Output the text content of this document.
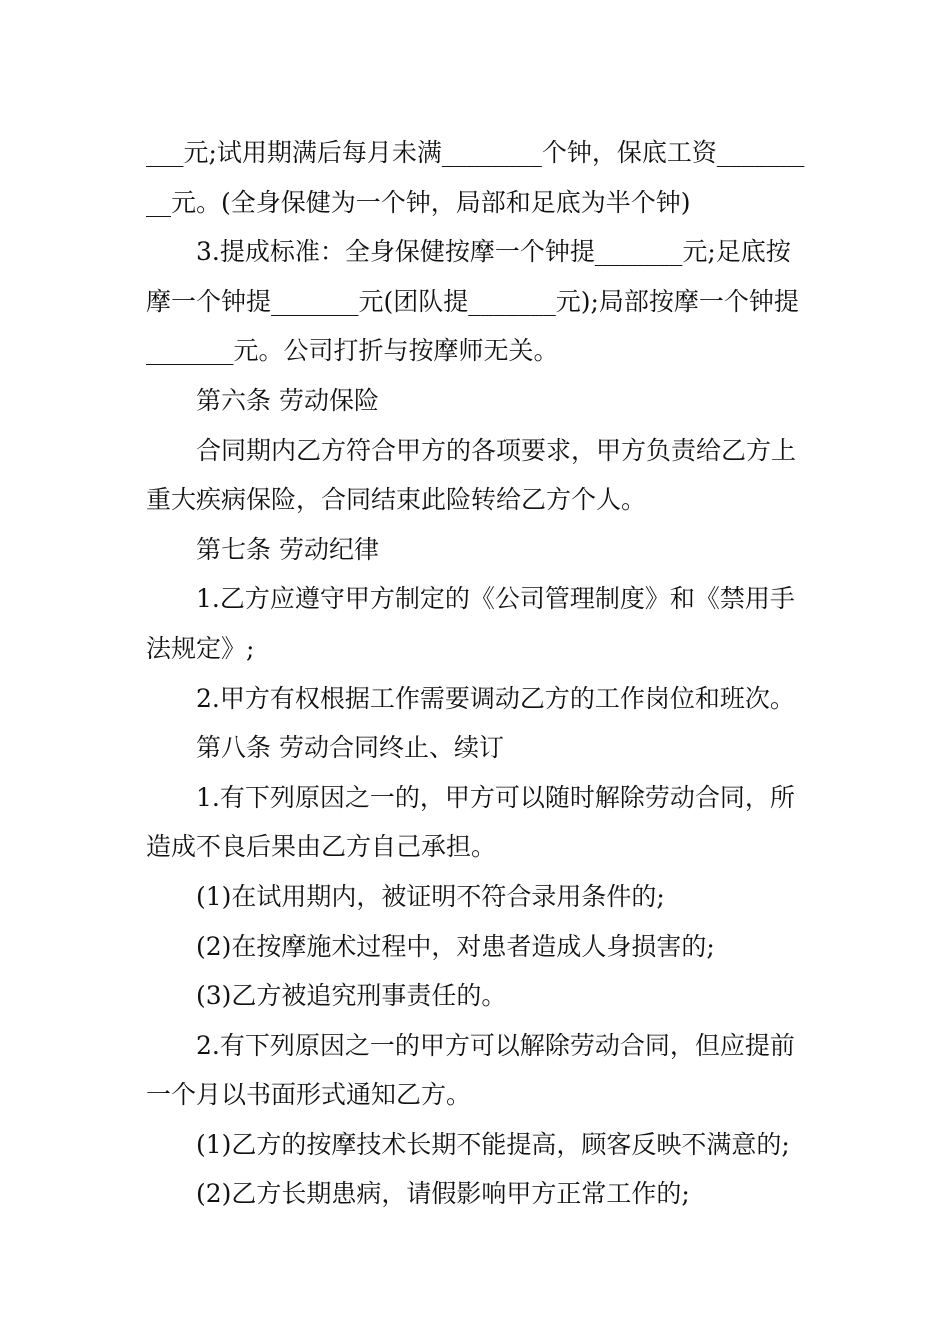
___元;试用期满后每月未满________个钟，保底工资_________元。(全身保健为一个钟，局部和足底为半个钟)

3.提成标准：全身保健按摩一个钟提_______元;足底按摩一个钟提_______元(团队提_______元);局部按摩一个钟提_______元。公司打折与按摩师无关。

第六条 劳动保险

合同期内乙方符合甲方的各项要求，甲方负责给乙方上重大疾病保险，合同结束此险转给乙方个人。

第七条 劳动纪律

1.乙方应遵守甲方制定的《公司管理制度》和《禁用手法规定》;

2.甲方有权根据工作需要调动乙方的工作岗位和班次。

第八条 劳动合同终止、续订

1.有下列原因之一的，甲方可以随时解除劳动合同，所造成不良后果由乙方自己承担。

(1)在试用期内，被证明不符合录用条件的;

(2)在按摩施术过程中，对患者造成人身损害的;

(3)乙方被追究刑事责任的。

2.有下列原因之一的甲方可以解除劳动合同，但应提前一个月以书面形式通知乙方。

(1)乙方的按摩技术长期不能提高，顾客反映不满意的;

(2)乙方长期患病，请假影响甲方正常工作的;
